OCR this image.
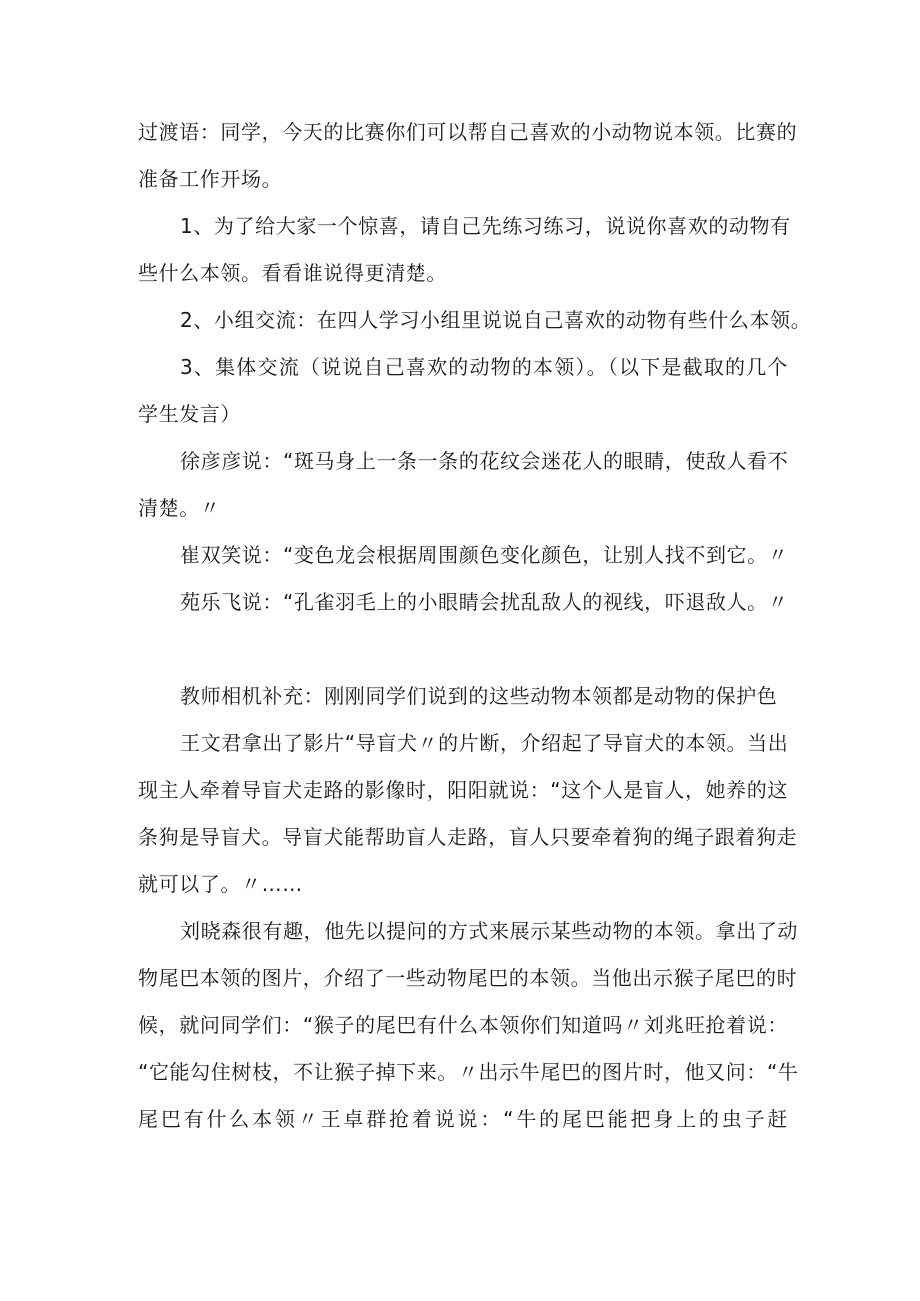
过渡语：同学，今天的比赛你们可以帮自己喜欢的小动物说本领。比赛的
准备工作开场。
1、为了给大家一个惊喜，请自己先练习练习，说说你喜欢的动物有
些什么本领。看看谁说得更清楚。
2、小组交流：在四人学习小组里说说自己喜欢的动物有些什么本领。
3、集体交流（说说自己喜欢的动物的本领）。（以下是截取的几个
学生发言）
徐彦彦说：“斑马身上一条一条的花纹会迷花人的眼睛，使敌人看不
清楚。〃
崔双笑说：“变色龙会根据周围颜色变化颜色，让别人找不到它。〃
苑乐飞说：“孔雀羽毛上的小眼睛会扰乱敌人的视线，吓退敌人。〃
教师相机补充：刚刚同学们说到的这些动物本领都是动物的保护色
王文君拿出了影片“导盲犬〃的片断，介绍起了导盲犬的本领。当出
现主人牵着导盲犬走路的影像时，阳阳就说：“这个人是盲人，她养的这
条狗是导盲犬。导盲犬能帮助盲人走路，盲人只要牵着狗的绳子跟着狗走
就可以了。〃……
刘晓森很有趣，他先以提问的方式来展示某些动物的本领。拿出了动
物尾巴本领的图片，介绍了一些动物尾巴的本领。当他出示猴子尾巴的时
候，就问同学们：“猴子的尾巴有什么本领你们知道吗〃刘兆旺抢着说：
“它能勾住树枝，不让猴子掉下来。〃出示牛尾巴的图片时，他又问：“牛
尾巴有什么本领〃王卓群抢着说说：“牛的尾巴能把身上的虫子赶
